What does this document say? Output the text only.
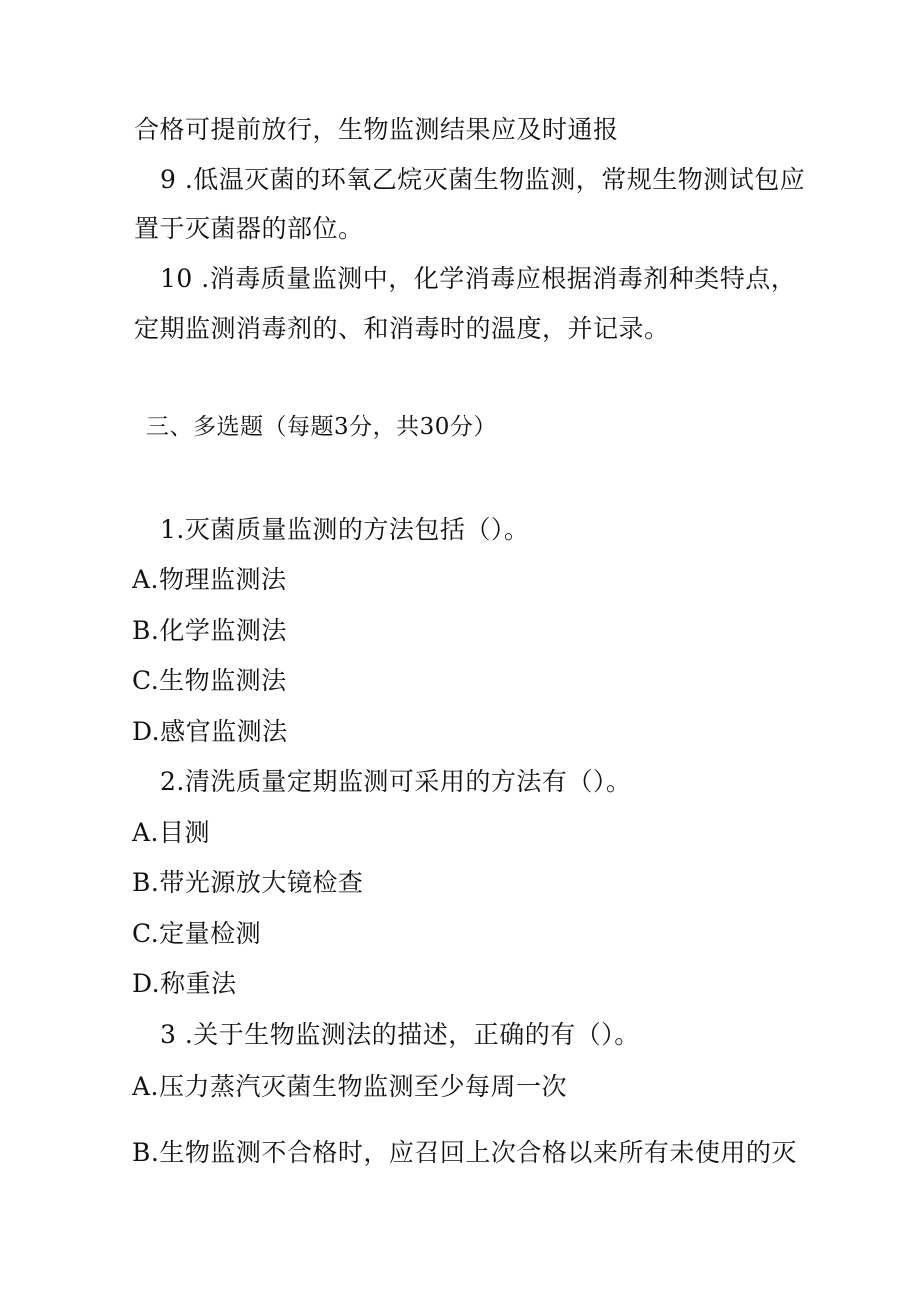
合格可提前放行，生物监测结果应及时通报
9 .低温灭菌的环氧乙烷灭菌生物监测，常规生物测试包应
置于灭菌器的部位。
10 .消毒质量监测中，化学消毒应根据消毒剂种类特点，
定期监测消毒剂的、和消毒时的温度，并记录。
三、多选题（每题3分，共30分）
1.灭菌质量监测的方法包括（）。
A.物理监测法
B.化学监测法
C.生物监测法
D.感官监测法
2.清洗质量定期监测可采用的方法有（）。
A.目测
B.带光源放大镜检查
C.定量检测
D.称重法
3 .关于生物监测法的描述，正确的有（）。
A.压力蒸汽灭菌生物监测至少每周一次
B.生物监测不合格时，应召回上次合格以来所有未使用的灭
